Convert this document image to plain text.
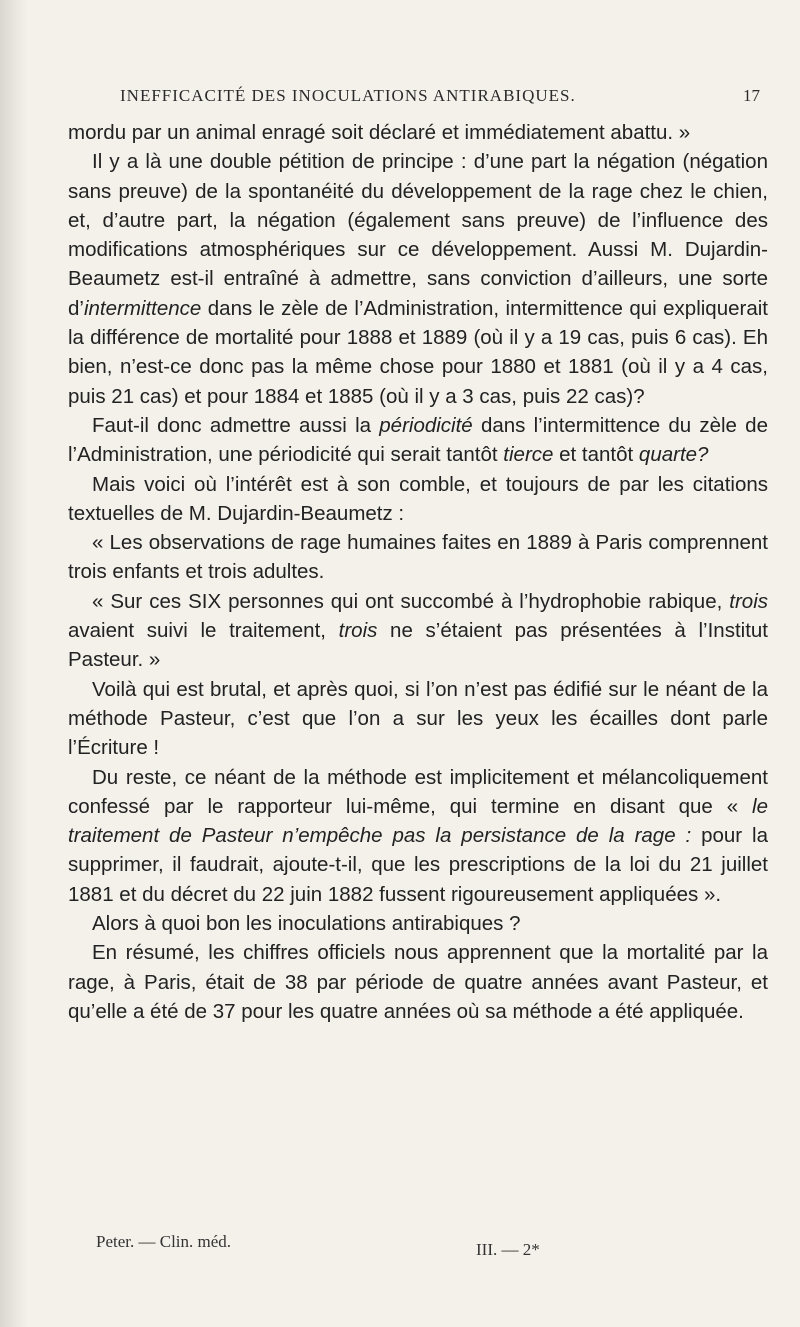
INEFFICACITÉ DES INOCULATIONS ANTIRABIQUES.	17

mordu par un animal enragé soit déclaré et immédiatement abattu. »

Il y a là une double pétition de principe : d’une part la négation (négation sans preuve) de la spontanéité du développement de la rage chez le chien, et, d’autre part, la négation (également sans preuve) de l’influence des modifications atmosphériques sur ce développement. Aussi M. Dujardin-Beaumetz est-il entraîné à admettre, sans conviction d’ailleurs, une sorte d’intermittence dans le zèle de l’Administration, intermittence qui expliquerait la différence de mortalité pour 1888 et 1889 (où il y a 19 cas, puis 6 cas). Eh bien, n’est-ce donc pas la même chose pour 1880 et 1881 (où il y a 4 cas, puis 21 cas) et pour 1884 et 1885 (où il y a 3 cas, puis 22 cas)?

Faut-il donc admettre aussi la périodicité dans l’intermittence du zèle de l’Administration, une périodicité qui serait tantôt tierce et tantôt quarte?

Mais voici où l’intérêt est à son comble, et toujours de par les citations textuelles de M. Dujardin-Beaumetz :

« Les observations de rage humaines faites en 1889 à Paris comprennent trois enfants et trois adultes.

« Sur ces SIX personnes qui ont succombé à l’hydrophobie rabique, trois avaient suivi le traitement, trois ne s’étaient pas présentées à l’Institut Pasteur. »

Voilà qui est brutal, et après quoi, si l’on n’est pas édifié sur le néant de la méthode Pasteur, c’est que l’on a sur les yeux les écailles dont parle l’Écriture !

Du reste, ce néant de la méthode est implicitement et mélancoliquement confessé par le rapporteur lui-même, qui termine en disant que « le traitement de Pasteur n’empêche pas la persistance de la rage : pour la supprimer, il faudrait, ajoute-t-il, que les prescriptions de la loi du 21 juillet 1881 et du décret du 22 juin 1882 fussent rigoureusement appliquées ».

Alors à quoi bon les inoculations antirabiques ?

En résumé, les chiffres officiels nous apprennent que la mortalité par la rage, à Paris, était de 38 par période de quatre années avant Pasteur, et qu’elle a été de 37 pour les quatre années où sa méthode a été appliquée.

Peter. — Clin. méd.	III. — 2*
